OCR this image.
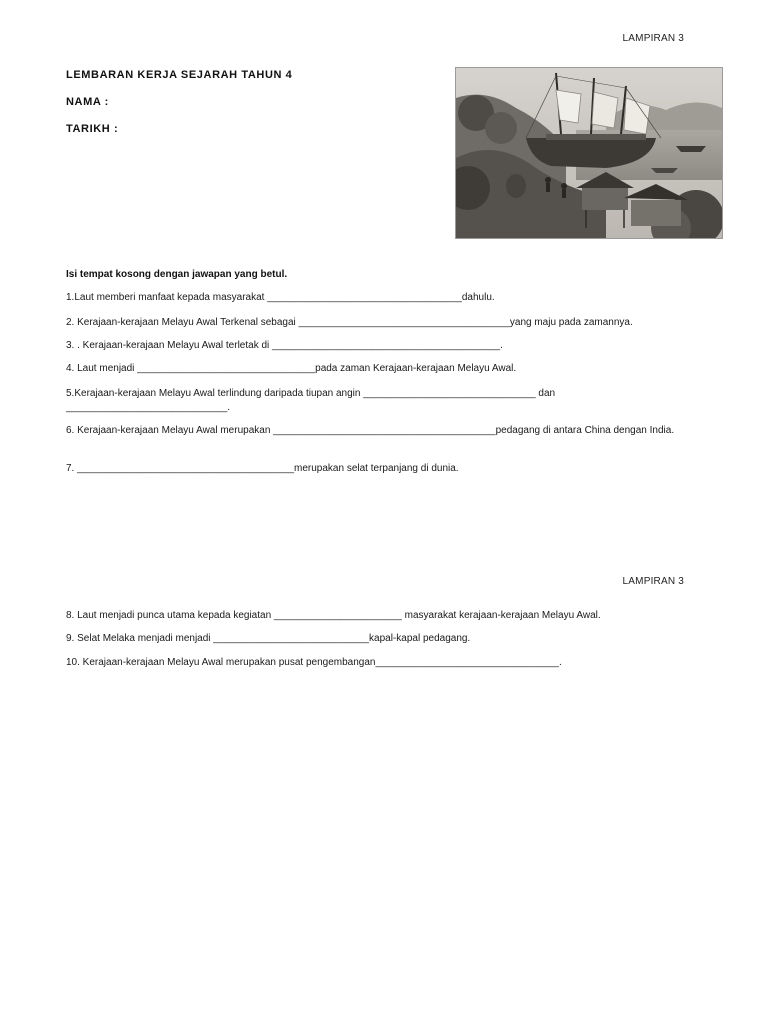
LAMPIRAN 3
LEMBARAN KERJA SEJARAH TAHUN 4
NAMA :
TARIKH :
Isi tempat kosong dengan jawapan yang betul.
1.Laut memberi manfaat kepada masyarakat ___________________________________dahulu.
2. Kerajaan-kerajaan Melayu Awal Terkenal sebagai ______________________________________yang maju pada zamannya.
3. . Kerajaan-kerajaan Melayu Awal terletak di _________________________________________.
4. Laut menjadi ________________________________pada zaman Kerajaan-kerajaan Melayu Awal.
5.Kerajaan-kerajaan Melayu Awal terlindung daripada tiupan angin _______________________________ dan _____________________________.
6. Kerajaan-kerajaan Melayu Awal merupakan ________________________________________pedagang di antara China dengan India.
7. _______________________________________merupakan selat terpanjang di dunia.
LAMPIRAN 3
8. Laut menjadi punca utama kepada kegiatan _______________________ masyarakat kerajaan-kerajaan Melayu Awal.
9. Selat Melaka menjadi menjadi ____________________________kapal-kapal pedagang.
10. Kerajaan-kerajaan Melayu Awal merupakan pusat pengembangan_________________________________.
